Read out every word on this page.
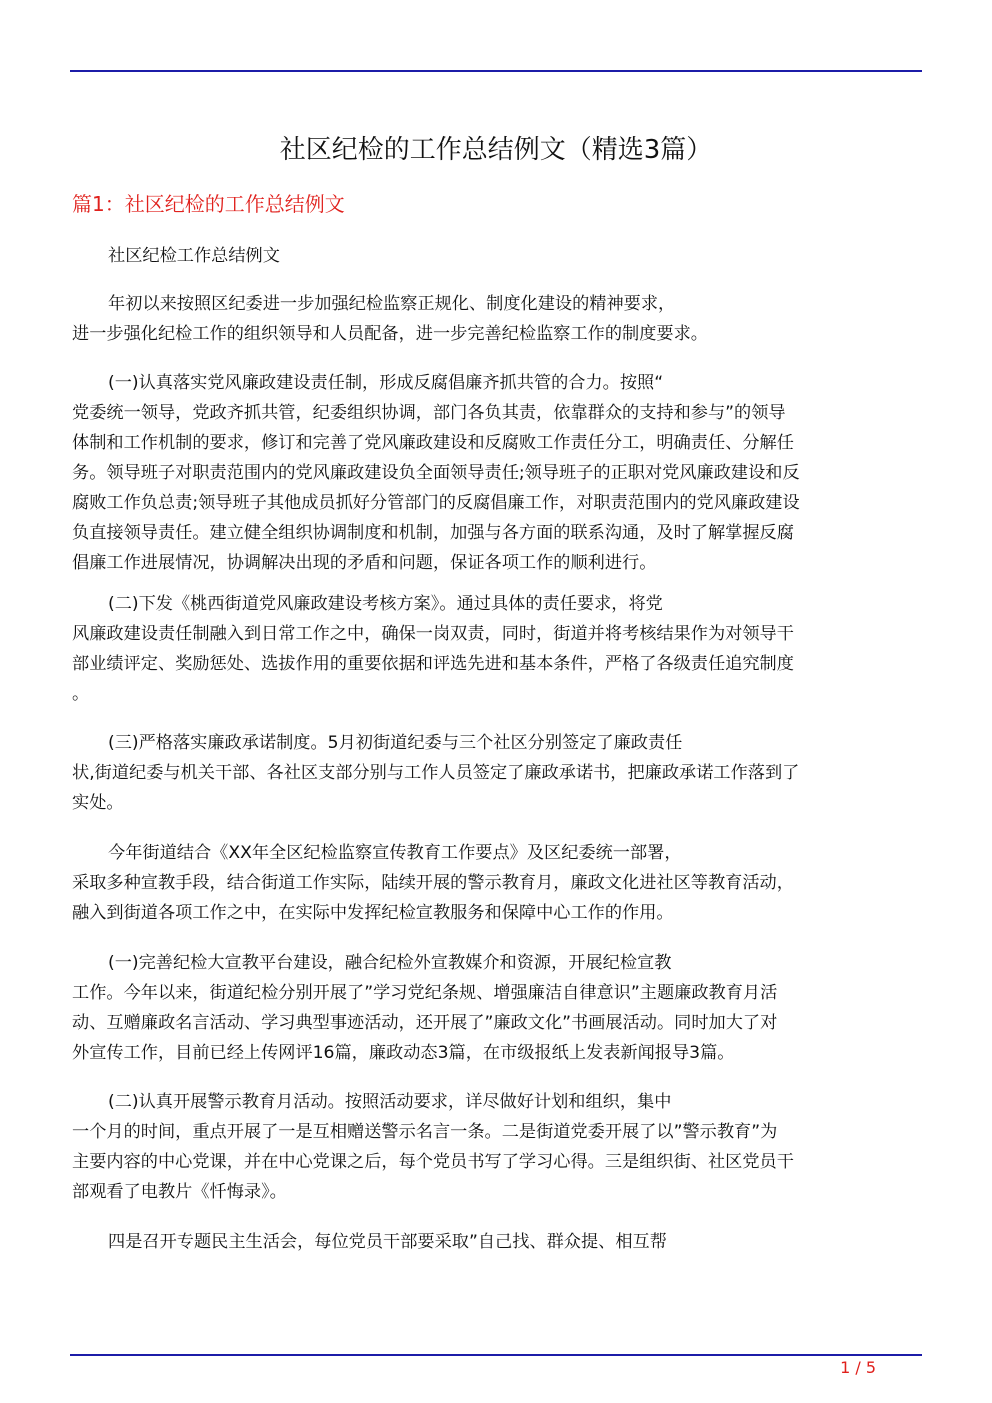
社区纪检的工作总结例文（精选3篇）
篇1：社区纪检的工作总结例文
社区纪检工作总结例文
年初以来按照区纪委进一步加强纪检监察正规化、制度化建设的精神要求，
进一步强化纪检工作的组织领导和人员配备，进一步完善纪检监察工作的制度要求。
(一)认真落实党风廉政建设责任制，形成反腐倡廉齐抓共管的合力。按照“
党委统一领导，党政齐抓共管，纪委组织协调，部门各负其责，依靠群众的支持和参与”的领导
体制和工作机制的要求，修订和完善了党风廉政建设和反腐败工作责任分工，明确责任、分解任
务。领导班子对职责范围内的党风廉政建设负全面领导责任;领导班子的正职对党风廉政建设和反
腐败工作负总责;领导班子其他成员抓好分管部门的反腐倡廉工作，对职责范围内的党风廉政建设
负直接领导责任。建立健全组织协调制度和机制，加强与各方面的联系沟通，及时了解掌握反腐
倡廉工作进展情况，协调解决出现的矛盾和问题，保证各项工作的顺利进行。
(二)下发《桃西街道党风廉政建设考核方案》。通过具体的责任要求，将党
风廉政建设责任制融入到日常工作之中，确保一岗双责，同时，街道并将考核结果作为对领导干
部业绩评定、奖励惩处、选拔作用的重要依据和评选先进和基本条件，严格了各级责任追究制度
。
(三)严格落实廉政承诺制度。5月初街道纪委与三个社区分别签定了廉政责任
状,街道纪委与机关干部、各社区支部分别与工作人员签定了廉政承诺书，把廉政承诺工作落到了
实处。
今年街道结合《XX年全区纪检监察宣传教育工作要点》及区纪委统一部署，
采取多种宣教手段，结合街道工作实际，陆续开展的警示教育月，廉政文化进社区等教育活动，
融入到街道各项工作之中，在实际中发挥纪检宣教服务和保障中心工作的作用。
(一)完善纪检大宣教平台建设，融合纪检外宣教媒介和资源，开展纪检宣教
工作。今年以来，街道纪检分别开展了”学习党纪条规、增强廉洁自律意识”主题廉政教育月活
动、互赠廉政名言活动、学习典型事迹活动，还开展了”廉政文化”书画展活动。同时加大了对
外宣传工作，目前已经上传网评16篇，廉政动态3篇，在市级报纸上发表新闻报导3篇。
(二)认真开展警示教育月活动。按照活动要求，详尽做好计划和组织，集中
一个月的时间，重点开展了一是互相赠送警示名言一条。二是街道党委开展了以”警示教育”为
主要内容的中心党课，并在中心党课之后，每个党员书写了学习心得。三是组织街、社区党员干
部观看了电教片《忏悔录》。
四是召开专题民主生活会，每位党员干部要采取”自己找、群众提、相互帮
1 / 5
